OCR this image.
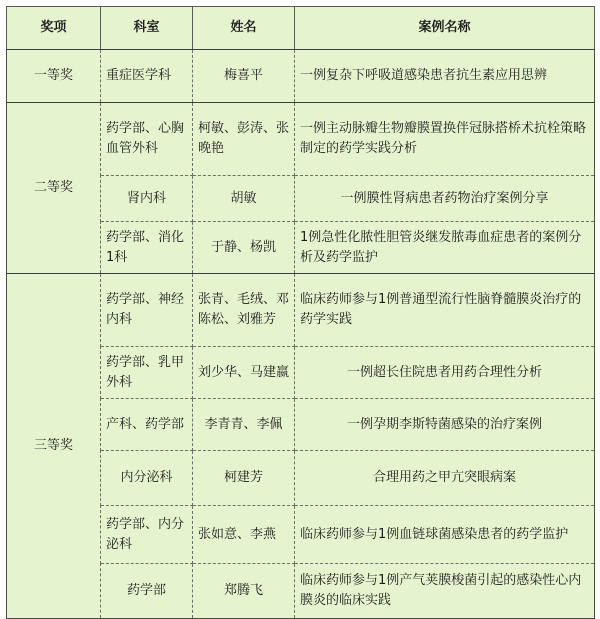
奖项	科室	姓名	案例名称
一等奖	重症医学科	梅喜平	一例复杂下呼吸道感染患者抗生素应用思辨
二等奖	药学部、心胸血管外科	柯敏、彭涛、张晚艳	一例主动脉瓣生物瓣膜置换伴冠脉搭桥术抗栓策略制定的药学实践分析
	肾内科	胡敏	一例膜性肾病患者药物治疗案例分享
	药学部、消化1科	于静、杨凯	1例急性化脓性胆管炎继发脓毒血症患者的案例分析及药学监护
三等奖	药学部、神经内科	张青、毛绒、邓陈松、刘雅芳	临床药师参与1例普通型流行性脑脊髓膜炎治疗的药学实践
	药学部、乳甲外科	刘少华、马建嬴	一例超长住院患者用药合理性分析
	产科、药学部	李青青、李佩	一例孕期李斯特菌感染的治疗案例
	内分泌科	柯建芳	合理用药之甲亢突眼病案
	药学部、内分泌科	张如意、李燕	临床药师参与1例血链球菌感染患者的药学监护
	药学部	郑腾飞	临床药师参与1例产气荚膜梭菌引起的感染性心内膜炎的临床实践
